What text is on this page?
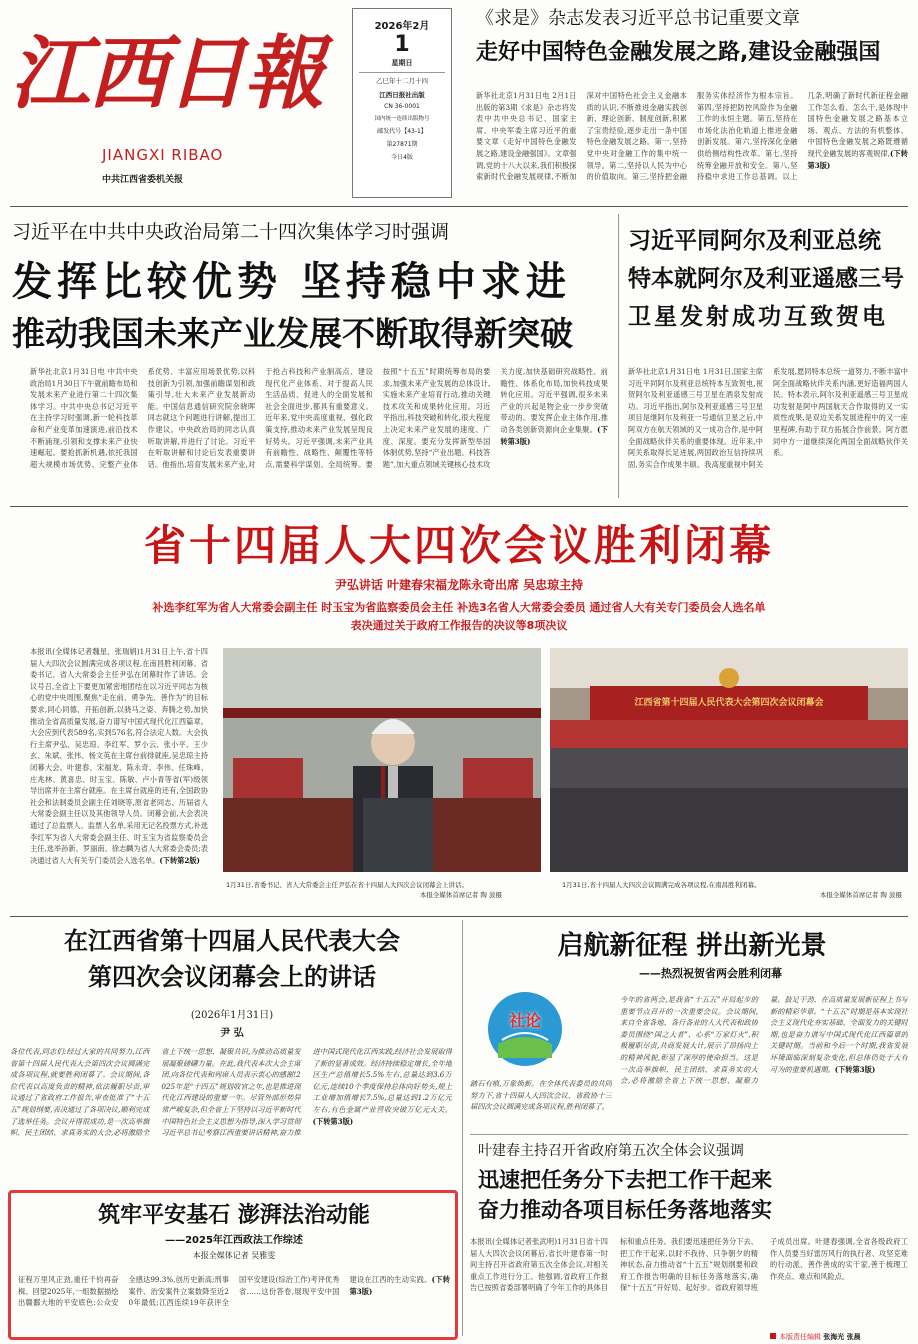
江西日報
JIANGXI RIBAO
中共江西省委机关报
2026年2月
1
星期日
乙巳年十二月十四
江西日报社出版
CN 36-0001
国内统一连续出版物号
邮发代号【43-1】
第27871期
今日4版
《求是》杂志发表习近平总书记重要文章
走好中国特色金融发展之路,建设金融强国
新华社北京1月31日电 2月1日出版的第3期《求是》杂志将发表中共中央总书记、国家主席、中央军委主席习近平的重要文章《走好中国特色金融发展之路,建设金融强国》。文章强调,党的十八大以来,我们积极探索新时代金融发展规律,不断加深对中国特色社会主义金融本质的认识,不断推进金融实践创新、理论创新、制度创新,积累了宝贵经验,逐步走出一条中国特色金融发展之路。第一,坚持党中央对金融工作的集中统一领导。第二,坚持以人民为中心的价值取向。第三,坚持把金融服务实体经济作为根本宗旨。第四,坚持把防控风险作为金融工作的永恒主题。第五,坚持在市场化法治化轨道上推进金融创新发展。第六,坚持深化金融供给侧结构性改革。第七,坚持统筹金融开放和安全。第八,坚持稳中求进工作总基调。以上几条,明确了新时代新征程金融工作怎么看、怎么干,是体现中国特色金融发展之路基本立场、观点、方法的有机整体。中国特色金融发展之路既遵循现代金融发展的客观规律,(下转第3版)
习近平在中共中央政治局第二十四次集体学习时强调
发挥比较优势 坚持稳中求进
推动我国未来产业发展不断取得新突破
新华社北京1月31日电 中共中央政治局1月30日下午就前瞻布局和发展未来产业进行第二十四次集体学习。中共中央总书记习近平在主持学习时强调,新一轮科技革命和产业变革加速演进,前沿技术不断涌现,引领和支撑未来产业快速崛起。要抢抓新机遇,依托我国超大规模市场优势、完整产业体系优势、丰富应用场景优势,以科技创新为引领,加强前瞻谋划和政策引导,壮大未来产业发展新动能。中国信息通信研究院余晓晖同志就这个问题进行讲解,提出工作建议。中央政治局的同志认真听取讲解,并进行了讨论。习近平在听取讲解和讨论后发表重要讲话。他指出,培育发展未来产业,对于抢占科技和产业制高点、建设现代化产业体系、对于提高人民生活品质、促进人的全面发展和社会全面进步,都具有重要意义。近年来,党中央高度重视、强化政策支持,推动未来产业发展呈现良好势头。习近平强调,未来产业具有前瞻性、战略性、颠覆性等特点,需要科学谋划、全局统筹。要按照“十五五”时期统筹布局的要求,加强未来产业发展的总体设计,实施未来产业培育行动,推动关键技术攻关和成果转化应用。习近平指出,科技突破和转化,很大程度上决定未来产业发展的速度、广度、深度。要充分发挥新型举国体制优势,坚持“产业出题、科技答题”,加大重点领域关键核心技术攻关力度,加快基础研究战略性、前瞻性、体系化布局,加快科技成果转化应用。习近平强调,很多未来产业的兴起是物企业一步步突破带动的。要发挥企业主体作用,推动各类创新资源向企业集聚。(下转第3版)
习近平同阿尔及利亚总统
特本就阿尔及利亚遥感三号
卫星发射成功互致贺电
新华社北京1月31日电 1月31日,国家主席习近平同阿尔及利亚总统特本互致贺电,祝贺阿尔及利亚遥感三号卫星在酒泉发射成功。习近平指出,阿尔及利亚遥感三号卫星项目是继阿尔及利亚一号通信卫星之后,中阿双方在航天领域的又一成功合作,是中阿全面战略伙伴关系的重要体现。近年来,中阿关系取得长足进展,两国政治互信持续巩固,务实合作成果丰硕。我高度重视中阿关系发展,愿同特本总统一道努力,不断丰富中阿全面战略伙伴关系内涵,更好造福两国人民。特本表示,阿尔及利亚遥感三号卫星成功发射是阿中两国航天合作取得的又一实质性成果,是双边关系发展进程中的又一座里程碑,有助于双方拓展合作前景。阿方愿同中方一道继续深化两国全面战略伙伴关系。
省十四届人大四次会议胜利闭幕
尹弘讲话 叶建春宋福龙陈永奇出席 吴忠琼主持
补选李红军为省人大常委会副主任 时玉宝为省监察委员会主任 补选3名省人大常委会委员 通过省人大有关专门委员会人选名单
表决通过关于政府工作报告的决议等8项决议
本报讯(全媒体记者魏星、张瑞娟)1月31日上午,省十四届人大四次会议圆满完成各项议程,在南昌胜利闭幕。省委书记、省人大常委会主任尹弘在闭幕时作了讲话。会议号召,全省上下要更加紧密地团结在以习近平同志为核心的党中央周围,聚焦“走在前、勇争先、善作为”的目标要求,同心同德、开拓创新,以骁马之姿、奔腾之势,加快推动全省高质量发展,奋力谱写中国式现代化江西篇章。大会应到代表589名,实到576名,符合法定人数。大会执行主席尹弘、吴忠琼、李红军、罗小云、张小平、王少玄、朱斌、张伟、杨文英在主席台前排就座,吴忠琼主持闭幕大会。叶建春、宋福龙、陈永奇、李伟、任珠峰、庄兆林、黄喜忠、时玉宝、陈敏、卢小青等省(军)级领导出席并在主席台就座。在主席台就座的还有,全国政协社会和法制委员会副主任刘晓等,原省老同志、历届省人大常委会副主任以及其他领导人员。闭幕会前,大会表决通过了总监票人、监票人名单,采用无记名投票方式,补选李红军为省人大常委会副主任、时玉宝为省监察委员会主任,选举孙新、罗丽南、徐志麟为省人大常委会委员;表决通过省人大有关专门委员会人选名单。(下转第2版)
江西省第十四届人民代表大会第四次会议闭幕会
1月31日,省委书记、省人大常委会主任尹弘在省十四届人大四次会议闭幕会上讲话。
本报全媒体首席记者 陶 波摄
1月31日,省十四届人大四次会议圆满完成各项议程,在南昌胜利闭幕。
本报全媒体首席记者 陶 波摄
在江西省第十四届人民代表大会
第四次会议闭幕会上的讲话
(2026年1月31日)
尹 弘
各位代表,同志们:经过大家的共同努力,江西省第十四届人民代表大会第四次会议圆满完成各项议程,就要胜利闭幕了。会议期间,各位代表以高度负责的精神,依法履职尽责,审议通过了省政府工作报告,审查批准了“十五五”规划纲要,表决通过了各项决议,顺利完成了选举任务。会议开得很成功,是一次高举旗帜、民主团结、求真务实的大会,必将激励全省上下统一思想、凝聚共识,为推动高质量发展凝聚磅礴力量。在此,我代表本次大会主席团,向各位代表和列席人员表示衷心的感谢!2025年是“十四五”规划收官之年,也是推进现代化江西建设的重要一年。尽管外部形势异常严峻复杂,但全省上下坚持以习近平新时代中国特色社会主义思想为指导,深入学习贯彻习近平总书记考察江西重要讲话精神,奋力推进中国式现代化江西实践,经济社会发展取得了新的显著成效。经济持续稳定增长,全年地区生产总值增长5.5%左右,总量达到3.6万亿元,连续10个季度保持总体向好势头,规上工业增加值增长7.5%,总量达到1.2万亿元左右,有色金属产业营收突破万亿元大关。(下转第3版)
启航新征程 拼出新光景
——热烈祝贺省两会胜利闭幕
社论
踏石有痕,万象焕新。在全体代表委员的共同努力下,省十四届人大四次会议、省政协十三届四次会议圆满完成各项议程,胜利闭幕了。
今年的省两会,是我省“十五五”开局起步的重要节点召开的一次重要会议。会议期间,来自全省各地、各行各业的人大代表和政协委员围绕“国之大者”、心系“万家灯火”,积极履职尽责,共商发展大计,展示了昂扬向上的精神风貌,彰显了深厚的使命担当。这是一次高举旗帜、民主团结、求真务实的大会,必将激励全省上下统一思想、凝聚力量、鼓足干劲、在高质量发展新征程上书写新的精彩华章。“十五五”时期是基本实现社会主义现代化夯实基础、全面发力的关键时期,也是奋力谱写中国式现代化江西篇章的关键时期。当前和今后一个时期,我省发展环境面临深刻复杂变化,但总体仍处于大有可为的重要机遇期。(下转第3版)
叶建春主持召开省政府第五次全体会议强调
迅速把任务分下去把工作干起来
奋力推动各项目标任务落地落实
本报讯(全媒体记者张武明)1月31日省十四届人大四次会议闭幕后,省长叶建春第一时间主持召开省政府第五次全体会议,对相关重点工作进行分工。他强调,省政府工作报告已按照省委部署明确了今年工作的具体目标和重点任务。我们要迅速把任务分下去、把工作干起来,以时不我待、只争朝夕的精神状态,奋力推动省“十五五”规划纲要和政府工作报告明确的目标任务落地落实,确保“十五五”开好局、起好步。省政府领导班子成员出席。叶建春强调,全省各级政府工作人员要当好雷厉风行的执行者、攻坚克难的行动派、善作善成的实干家,善于梳理工作亮点、难点和风险点。
筑牢平安基石 澎湃法治动能
——2025年江西政法工作综述
本报全媒体记者 吴雅雯
征程万里风正劲,重任千钧再奋楫。回望2025年,一组数据描绘出赣鄱大地的平安底色:公众安全感达99.3%,创历史新高;刑事案件、治安案件立案数降至近20年最低;江西连续19年获评全国平安建设(综治工作)考评优秀省……这份答卷,展现平安中国建设在江西的生动实践。(下转第3版)
本版责任编辑 张海光 张晨
